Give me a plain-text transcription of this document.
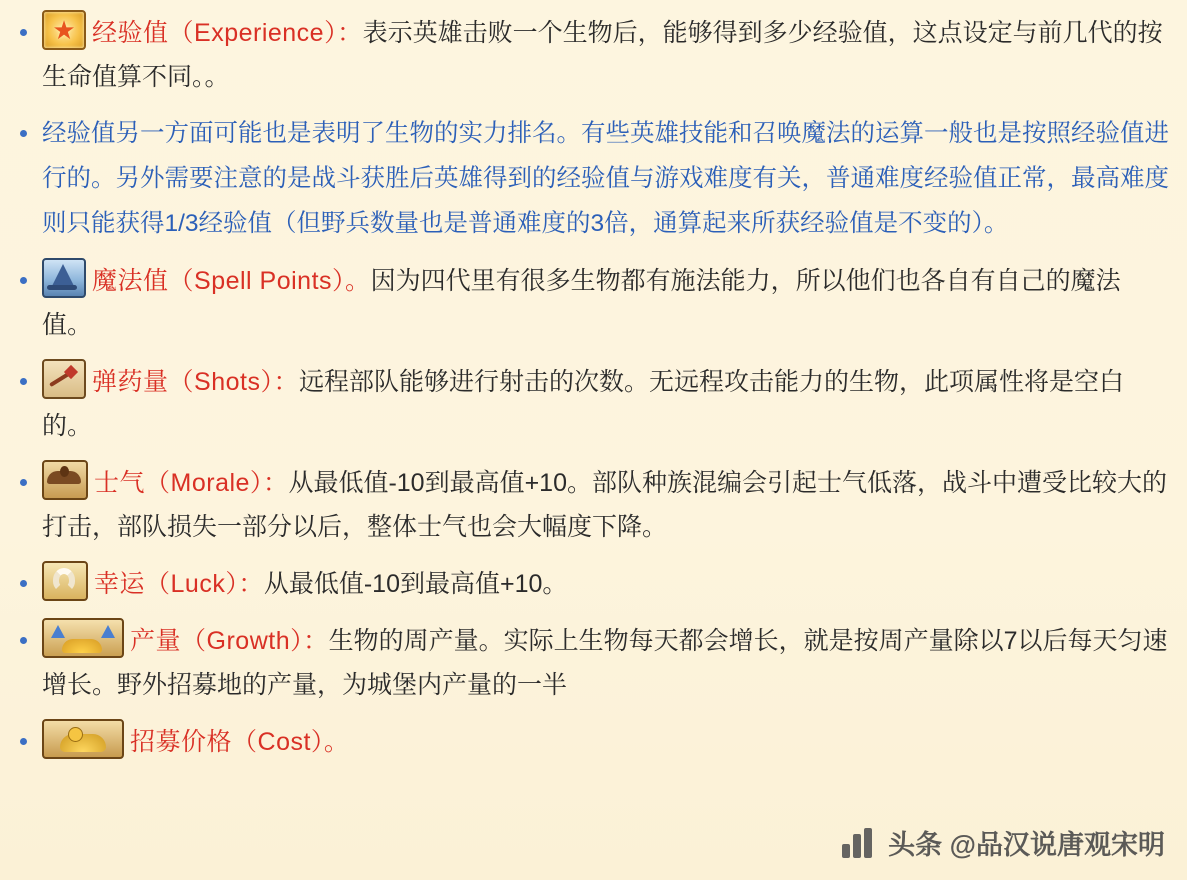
★ 经验值（Experience）：表示英雄击败一个生物后，能够得到多少经验值，这点设定与前几代的按生命值算不同。。
经验值另一方面可能也是表明了生物的实力排名。有些英雄技能和召唤魔法的运算一般也是按照经验值进行的。另外需要注意的是战斗获胜后英雄得到的经验值与游戏难度有关，普通难度经验值正常，最高难度则只能获得1/3经验值（但野兵数量也是普通难度的3倍，通算起来所获经验值是不变的）。
魔法值（Spell Points）。因为四代里有很多生物都有施法能力，所以他们也各自有自己的魔法值。
弹药量（Shots）：远程部队能够进行射击的次数。无远程攻击能力的生物，此项属性将是空白的。
士气（Morale）：从最低值-10到最高值+10。部队种族混编会引起士气低落，战斗中遭受比较大的打击，部队损失一部分以后，整体士气也会大幅度下降。
幸运（Luck）：从最低值-10到最高值+10。
产量（Growth）：生物的周产量。实际上生物每天都会增长，就是按周产量除以7以后每天匀速增长。野外招募地的产量，为城堡内产量的一半
招募价格（Cost）。
头条 @品汉说唐观宋明
